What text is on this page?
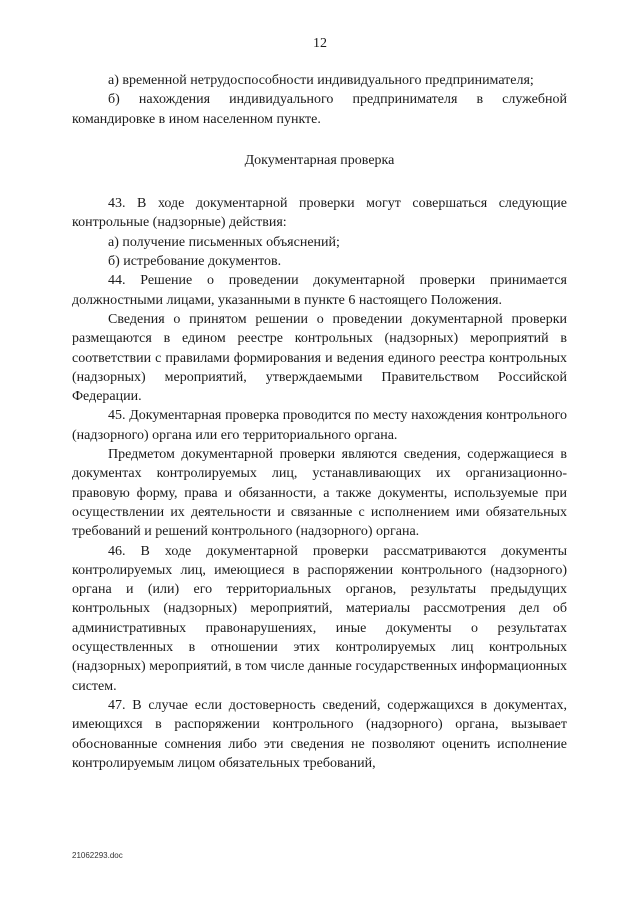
12

а) временной нетрудоспособности индивидуального предпринимателя;

б) нахождения индивидуального предпринимателя в служебной командировке в ином населенном пункте.

Документарная проверка

43. В ходе документарной проверки могут совершаться следующие контрольные (надзорные) действия:

а) получение письменных объяснений;

б) истребование документов.

44. Решение о проведении документарной проверки принимается должностными лицами, указанными в пункте 6 настоящего Положения.

Сведения о принятом решении о проведении документарной проверки размещаются в едином реестре контрольных (надзорных) мероприятий в соответствии с правилами формирования и ведения единого реестра контрольных (надзорных) мероприятий, утверждаемыми Правительством Российской Федерации.

45. Документарная проверка проводится по месту нахождения контрольного (надзорного) органа или его территориального органа.

Предметом документарной проверки являются сведения, содержащиеся в документах контролируемых лиц, устанавливающих их организационно-правовую форму, права и обязанности, а также документы, используемые при осуществлении их деятельности и связанные с исполнением ими обязательных требований и решений контрольного (надзорного) органа.

46. В ходе документарной проверки рассматриваются документы контролируемых лиц, имеющиеся в распоряжении контрольного (надзорного) органа и (или) его территориальных органов, результаты предыдущих контрольных (надзорных) мероприятий, материалы рассмотрения дел об административных правонарушениях, иные документы о результатах осуществленных в отношении этих контролируемых лиц контрольных (надзорных) мероприятий, в том числе данные государственных информационных систем.

47. В случае если достоверность сведений, содержащихся в документах, имеющихся в распоряжении контрольного (надзорного) органа, вызывает обоснованные сомнения либо эти сведения не позволяют оценить исполнение контролируемым лицом обязательных требований,

21062293.doc
